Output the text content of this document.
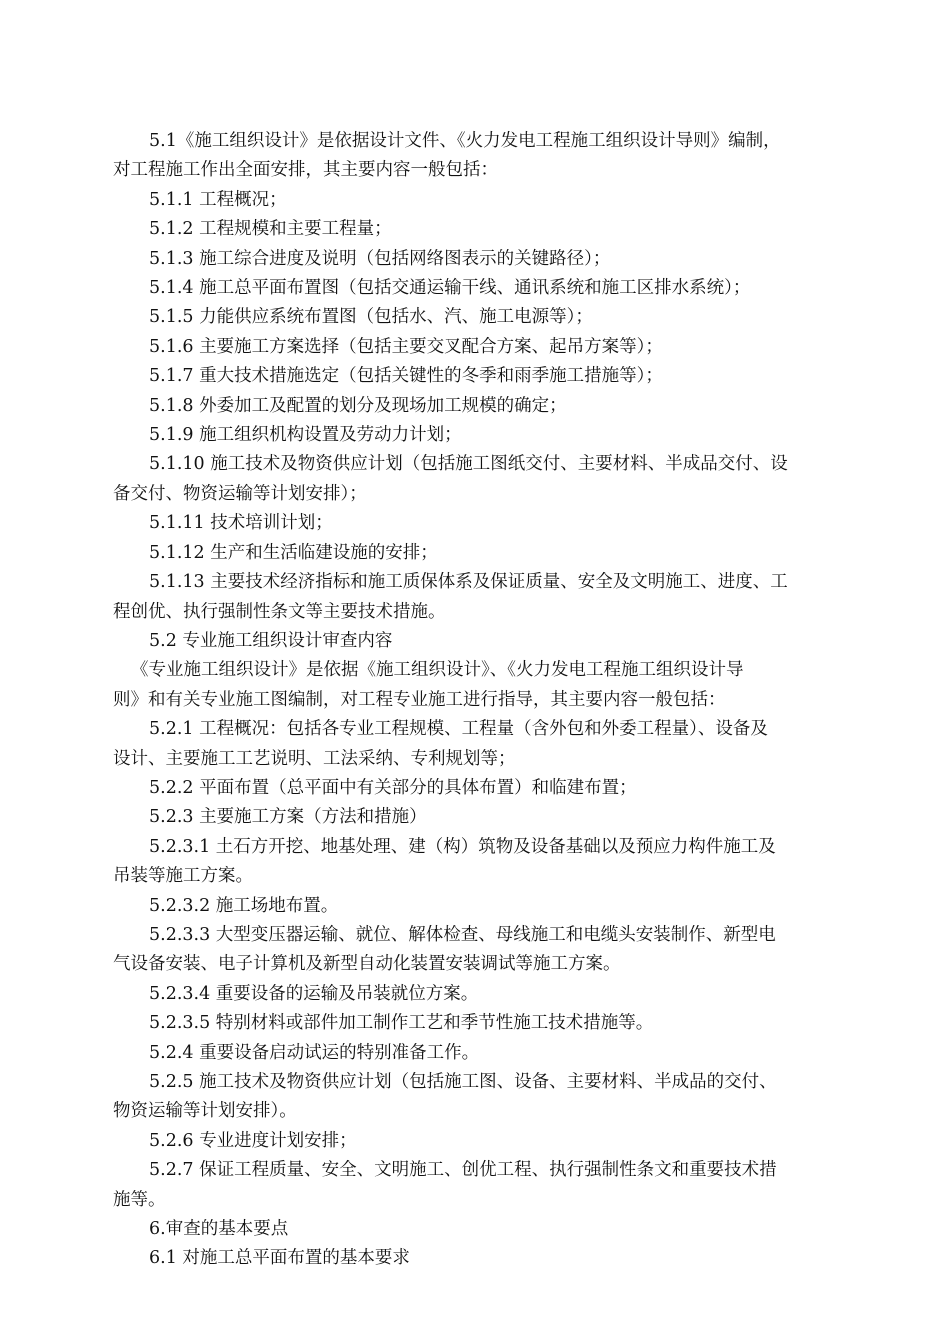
5.1《施工组织设计》是依据设计文件、《火力发电工程施工组织设计导则》编制，

对工程施工作出全面安排，其主要内容一般包括：

5.1.1 工程概况；

5.1.2 工程规模和主要工程量；

5.1.3 施工综合进度及说明（包括网络图表示的关键路径）；

5.1.4 施工总平面布置图（包括交通运输干线、通讯系统和施工区排水系统）；

5.1.5 力能供应系统布置图（包括水、汽、施工电源等）；

5.1.6 主要施工方案选择（包括主要交叉配合方案、起吊方案等）；

5.1.7 重大技术措施选定（包括关键性的冬季和雨季施工措施等）；

5.1.8 外委加工及配置的划分及现场加工规模的确定；

5.1.9 施工组织机构设置及劳动力计划；

5.1.10 施工技术及物资供应计划（包括施工图纸交付、主要材料、半成品交付、设

备交付、物资运输等计划安排）；

5.1.11 技术培训计划；

5.1.12 生产和生活临建设施的安排；

5.1.13 主要技术经济指标和施工质保体系及保证质量、安全及文明施工、进度、工

程创优、执行强制性条文等主要技术措施。

5.2 专业施工组织设计审查内容

《专业施工组织设计》是依据《施工组织设计》、《火力发电工程施工组织设计导

则》和有关专业施工图编制，对工程专业施工进行指导，其主要内容一般包括：

5.2.1 工程概况：包括各专业工程规模、工程量（含外包和外委工程量）、设备及

设计、主要施工工艺说明、工法采纳、专利规划等；

5.2.2 平面布置（总平面中有关部分的具体布置）和临建布置；

5.2.3 主要施工方案（方法和措施）

5.2.3.1 土石方开挖、地基处理、建（构）筑物及设备基础以及预应力构件施工及

吊装等施工方案。

5.2.3.2 施工场地布置。

5.2.3.3 大型变压器运输、就位、解体检查、母线施工和电缆头安装制作、新型电

气设备安装、电子计算机及新型自动化装置安装调试等施工方案。

5.2.3.4 重要设备的运输及吊装就位方案。

5.2.3.5 特别材料或部件加工制作工艺和季节性施工技术措施等。

5.2.4 重要设备启动试运的特别准备工作。

5.2.5 施工技术及物资供应计划（包括施工图、设备、主要材料、半成品的交付、

物资运输等计划安排）。

5.2.6 专业进度计划安排；

5.2.7 保证工程质量、安全、文明施工、创优工程、执行强制性条文和重要技术措

施等。

6.审查的基本要点

6.1 对施工总平面布置的基本要求
